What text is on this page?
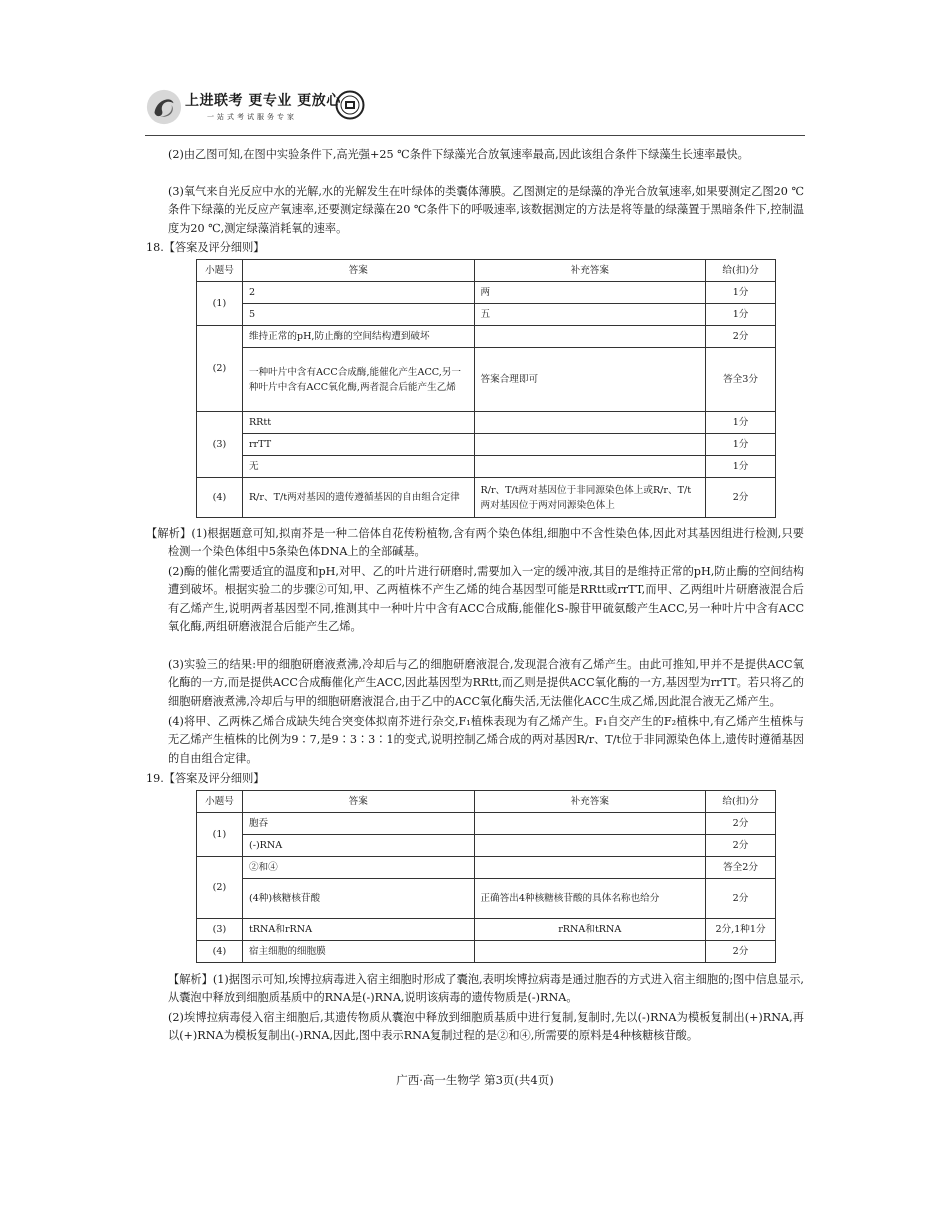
上进联考 更专业 更放心
一站式考试服务专家

(2)由乙图可知,在图中实验条件下,高光强+25 ℃条件下绿藻光合放氧速率最高,因此该组合条件下绿藻生长速率最快。

(3)氧气来自光反应中水的光解,水的光解发生在叶绿体的类囊体薄膜。乙图测定的是绿藻的净光合放氧速率,如果要测定乙图20 ℃条件下绿藻的光反应产氧速率,还要测定绿藻在20 ℃条件下的呼吸速率,该数据测定的方法是将等量的绿藻置于黑暗条件下,控制温度为20 ℃,测定绿藻消耗氧的速率。

18.【答案及评分细则】

小题号	答案	补充答案	给(扣)分
(1)	2	两	1分
	5	五	1分
(2)	维持正常的pH,防止酶的空间结构遭到破坏		2分
	一种叶片中含有ACC合成酶,能催化产生ACC,另一种叶片中含有ACC氧化酶,两者混合后能产生乙烯	答案合理即可	答全3分
(3)	RRtt		1分
	rrTT		1分
	无		1分
(4)	R/r、T/t两对基因的遗传遵循基因的自由组合定律	R/r、T/t两对基因位于非同源染色体上或R/r、T/t两对基因位于两对同源染色体上	2分

【解析】(1)根据题意可知,拟南芥是一种二倍体自花传粉植物,含有两个染色体组,细胞中不含性染色体,因此对其基因组进行检测,只要检测一个染色体组中5条染色体DNA上的全部碱基。

(2)酶的催化需要适宜的温度和pH,对甲、乙的叶片进行研磨时,需要加入一定的缓冲液,其目的是维持正常的pH,防止酶的空间结构遭到破坏。根据实验二的步骤②可知,甲、乙两植株不产生乙烯的纯合基因型可能是RRtt或rrTT,而甲、乙两组叶片研磨液混合后有乙烯产生,说明两者基因型不同,推测其中一种叶片中含有ACC合成酶,能催化S-腺苷甲硫氨酸产生ACC,另一种叶片中含有ACC氧化酶,两组研磨液混合后能产生乙烯。

(3)实验三的结果:甲的细胞研磨液煮沸,冷却后与乙的细胞研磨液混合,发现混合液有乙烯产生。由此可推知,甲并不是提供ACC氧化酶的一方,而是提供ACC合成酶催化产生ACC,因此基因型为RRtt,而乙则是提供ACC氧化酶的一方,基因型为rrTT。若只将乙的细胞研磨液煮沸,冷却后与甲的细胞研磨液混合,由于乙中的ACC氧化酶失活,无法催化ACC生成乙烯,因此混合液无乙烯产生。

(4)将甲、乙两株乙烯合成缺失纯合突变体拟南芥进行杂交,F₁植株表现为有乙烯产生。F₁自交产生的F₂植株中,有乙烯产生植株与无乙烯产生植株的比例为9∶7,是9∶3∶3∶1的变式,说明控制乙烯合成的两对基因R/r、T/t位于非同源染色体上,遗传时遵循基因的自由组合定律。

19.【答案及评分细则】

小题号	答案	补充答案	给(扣)分
(1)	胞吞		2分
	(-)RNA		2分
(2)	②和④		答全2分
	(4种)核糖核苷酸	正确答出4种核糖核苷酸的具体名称也给分	2分
(3)	tRNA和rRNA	rRNA和tRNA	2分,1种1分
(4)	宿主细胞的细胞膜		2分

【解析】(1)据图示可知,埃博拉病毒进入宿主细胞时形成了囊泡,表明埃博拉病毒是通过胞吞的方式进入宿主细胞的;图中信息显示,从囊泡中释放到细胞质基质中的RNA是(-)RNA,说明该病毒的遗传物质是(-)RNA。

(2)埃博拉病毒侵入宿主细胞后,其遗传物质从囊泡中释放到细胞质基质中进行复制,复制时,先以(-)RNA为模板复制出(+)RNA,再以(+)RNA为模板复制出(-)RNA,因此,图中表示RNA复制过程的是②和④,所需要的原料是4种核糖核苷酸。

广西·高一生物学 第3页(共4页)
